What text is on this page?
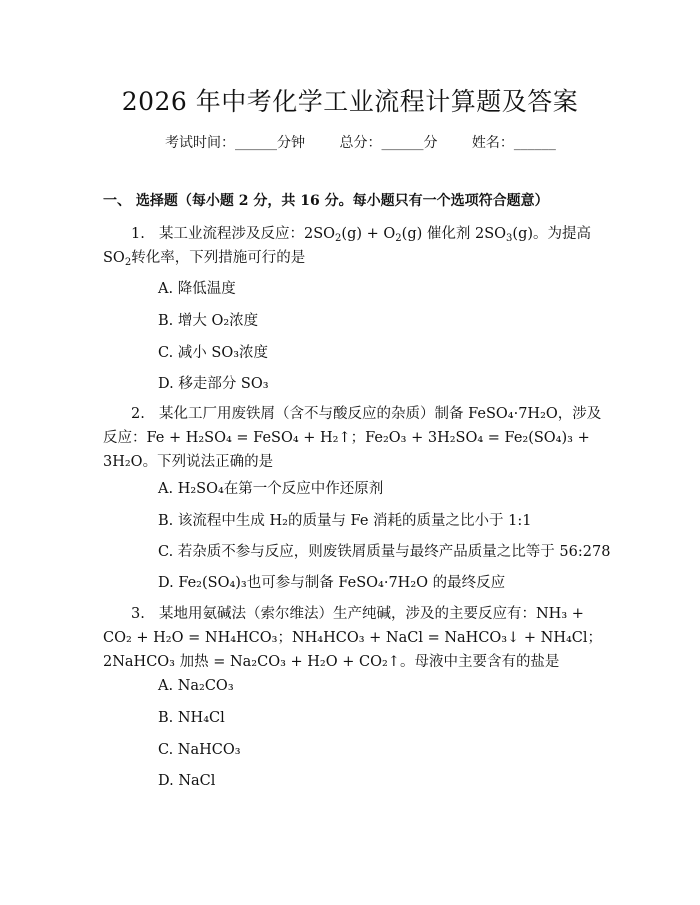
2026 年中考化学工业流程计算题及答案
考试时间：______分钟 总分：______分 姓名：______
一、 选择题（每小题 2 分，共 16 分。每小题只有一个选项符合题意）
1. 某工业流程涉及反应：$2SO_2(g) + O_2(g)$ 催化剂 $2SO_3(g)$。为提高 $SO_2$转化率，下列措施可行的是
A. 降低温度
B. 增大 O₂浓度
C. 减小 SO₃浓度
D. 移走部分 SO₃
2. 某化工厂用废铁屑（含不与酸反应的杂质）制备 FeSO₄·7H₂O，涉及反应：Fe + H₂SO₄ = FeSO₄ + H₂↑；Fe₂O₃ + 3H₂SO₄ = Fe₂(SO₄)₃ + 3H₂O。下列说法正确的是
A. H₂SO₄在第一个反应中作还原剂
B. 该流程中生成 H₂的质量与 Fe 消耗的质量之比小于 1:1
C. 若杂质不参与反应，则废铁屑质量与最终产品质量之比等于 56:278
D. Fe₂(SO₄)₃也可参与制备 FeSO₄·7H₂O 的最终反应
3. 某地用氨碱法（索尔维法）生产纯碱，涉及的主要反应有：NH₃ + CO₂ + H₂O = NH₄HCO₃；NH₄HCO₃ + NaCl = NaHCO₃↓ + NH₄Cl；2NaHCO₃ 加热 = Na₂CO₃ + H₂O + CO₂↑。母液中主要含有的盐是
A. Na₂CO₃
B. NH₄Cl
C. NaHCO₃
D. NaCl
